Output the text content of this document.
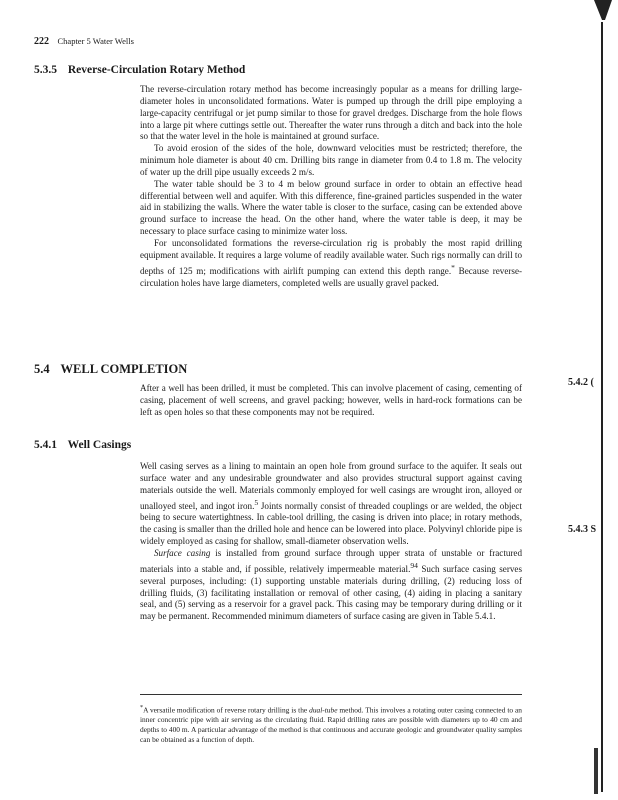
222 Chapter 5 Water Wells
5.3.5 Reverse-Circulation Rotary Method

The reverse-circulation rotary method has become increasingly popular as a means for drilling large-diameter holes in unconsolidated formations. Water is pumped up through the drill pipe employing a large-capacity centrifugal or jet pump similar to those for gravel dredges. Discharge from the hole flows into a large pit where cuttings settle out. Thereafter the water runs through a ditch and back into the hole so that the water level in the hole is maintained at ground surface.

To avoid erosion of the sides of the hole, downward velocities must be restricted; therefore, the minimum hole diameter is about 40 cm. Drilling bits range in diameter from 0.4 to 1.8 m. The velocity of water up the drill pipe usually exceeds 2 m/s.

The water table should be 3 to 4 m below ground surface in order to obtain an effective head differential between well and aquifer. With this difference, fine-grained particles suspended in the water aid in stabilizing the walls. Where the water table is closer to the surface, casing can be extended above ground surface to increase the head. On the other hand, where the water table is deep, it may be necessary to place surface casing to minimize water loss.

For unconsolidated formations the reverse-circulation rig is probably the most rapid drilling equipment available. It requires a large volume of readily available water. Such rigs normally can drill to depths of 125 m; modifications with airlift pumping can extend this depth range.* Because reverse-circulation holes have large diameters, completed wells are usually gravel packed.

5.4 WELL COMPLETION

After a well has been drilled, it must be completed. This can involve placement of casing, cementing of casing, placement of well screens, and gravel packing; however, wells in hard-rock formations can be left as open holes so that these components may not be required.

5.4.1 Well Casings

Well casing serves as a lining to maintain an open hole from ground surface to the aquifer. It seals out surface water and any undesirable groundwater and also provides structural support against caving materials outside the well. Materials commonly employed for well casings are wrought iron, alloyed or unalloyed steel, and ingot iron.$^5$ Joints normally consist of threaded couplings or are welded, the object being to secure watertightness. In cable-tool drilling, the casing is driven into place; in rotary methods, the casing is smaller than the drilled hole and hence can be lowered into place. Polyvinyl chloride pipe is widely employed as casing for shallow, small-diameter observation wells.

Surface casing is installed from ground surface through upper strata of unstable or fractured materials into a stable and, if possible, relatively impermeable material.$^{94}$ Such surface casing serves several purposes, including: (1) supporting unstable materials during drilling, (2) reducing loss of drilling fluids, (3) facilitating installation or removal of other casing, (4) aiding in placing a sanitary seal, and (5) serving as a reservoir for a gravel pack. This casing may be temporary during drilling or it may be permanent. Recommended minimum diameters of surface casing are given in Table 5.4.1.

*A versatile modification of reverse rotary drilling is the dual-tube method. This involves a rotating outer casing connected to an inner concentric pipe with air serving as the circulating fluid. Rapid drilling rates are possible with diameters up to 40 cm and depths to 400 m. A particular advantage of the method is that continuous and accurate geologic and groundwater quality samples can be obtained as a function of depth.
5.4.2 (
5.4.3 S
